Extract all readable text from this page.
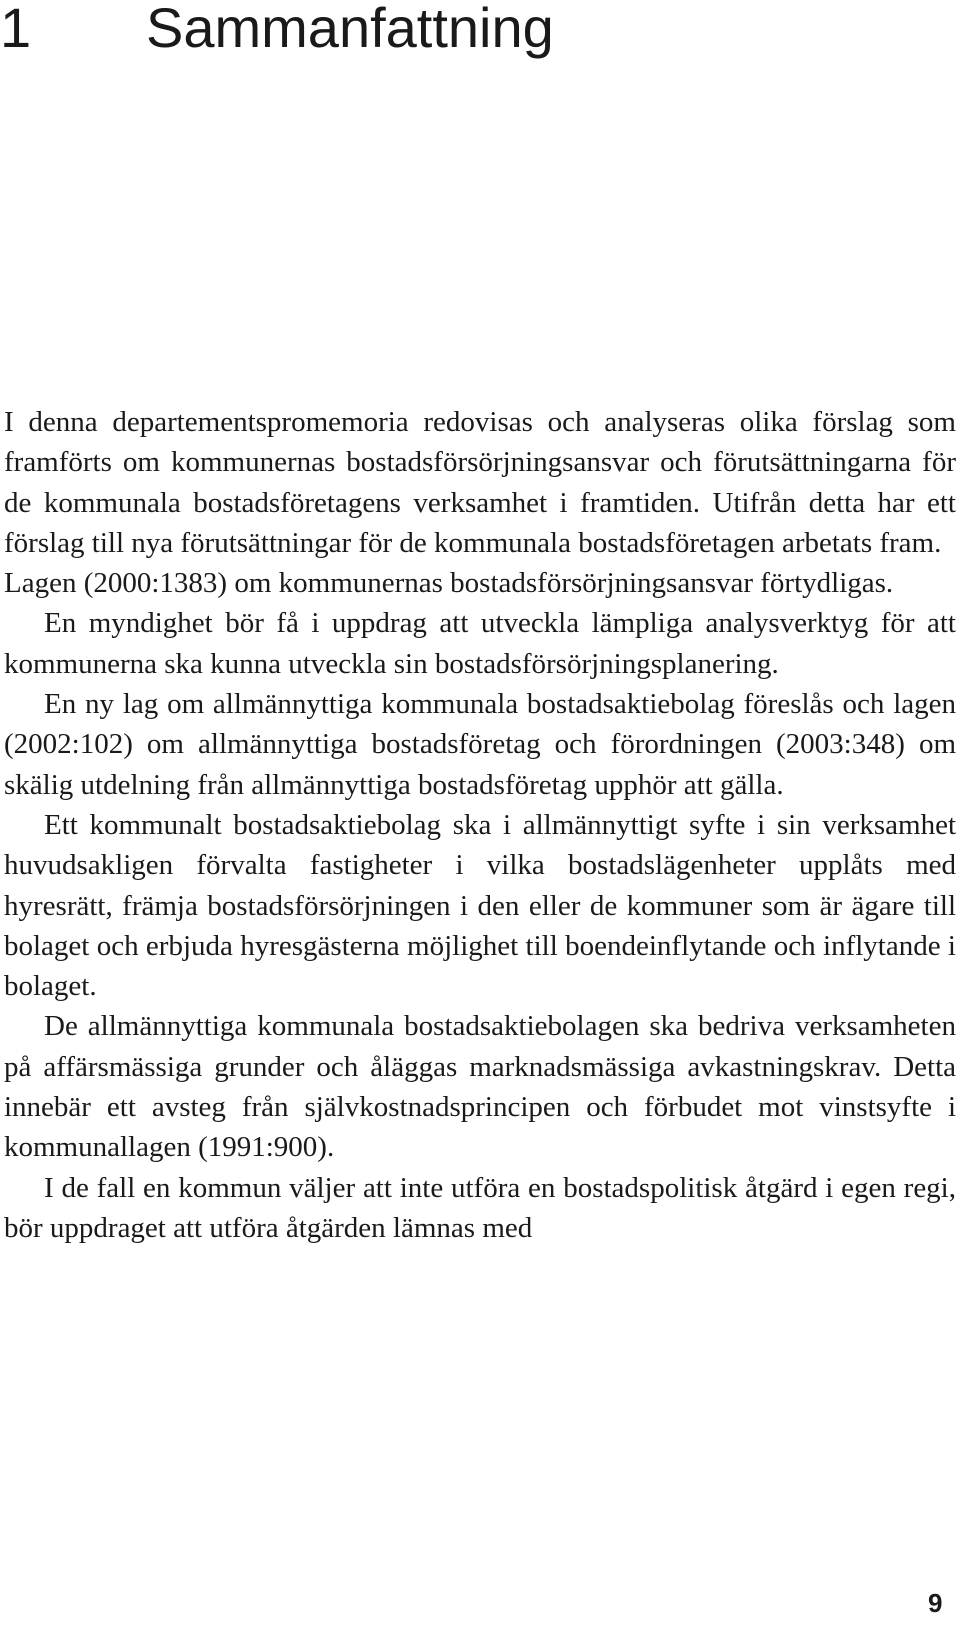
1 Sammanfattning

I denna departementspromemoria redovisas och analyseras olika förslag som framförts om kommunernas bostadsförsörjningsansvar och förutsättningarna för de kommunala bostadsföretagens verksamhet i framtiden. Utifrån detta har ett förslag till nya förutsättningar för de kommunala bostadsföretagen arbetats fram.

Lagen (2000:1383) om kommunernas bostadsförsörjningsansvar förtydligas.

En myndighet bör få i uppdrag att utveckla lämpliga analysverktyg för att kommunerna ska kunna utveckla sin bostadsförsörjningsplanering.

En ny lag om allmännyttiga kommunala bostadsaktiebolag föreslås och lagen (2002:102) om allmännyttiga bostadsföretag och förordningen (2003:348) om skälig utdelning från allmännyttiga bostadsföretag upphör att gälla.

Ett kommunalt bostadsaktiebolag ska i allmännyttigt syfte i sin verksamhet huvudsakligen förvalta fastigheter i vilka bostadslägenheter upplåts med hyresrätt, främja bostadsförsörjningen i den eller de kommuner som är ägare till bolaget och erbjuda hyresgästerna möjlighet till boendeinflytande och inflytande i bolaget.

De allmännyttiga kommunala bostadsaktiebolagen ska bedriva verksamheten på affärsmässiga grunder och åläggas marknadsmässiga avkastningskrav. Detta innebär ett avsteg från självkostnadsprincipen och förbudet mot vinstsyfte i kommunallagen (1991:900).

I de fall en kommun väljer att inte utföra en bostadspolitisk åtgärd i egen regi, bör uppdraget att utföra åtgärden lämnas med

9
